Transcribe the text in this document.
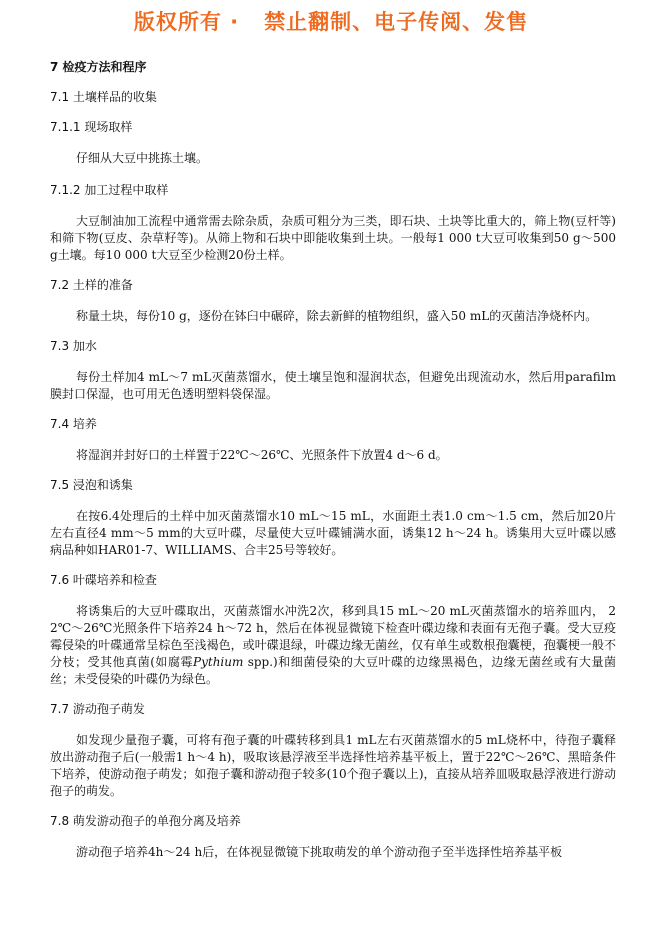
版权所有 ·   禁止翻制、电子传阅、发售

7 检疫方法和程序

7.1 土壤样品的收集

7.1.1 现场取样

仔细从大豆中挑拣土壤。

7.1.2 加工过程中取样

大豆制油加工流程中通常需去除杂质，杂质可粗分为三类，即石块、土块等比重大的，筛上物(豆杆等)和筛下物(豆皮、杂草籽等)。从筛上物和石块中即能收集到土块。一般每1 000 t大豆可收集到50 g～500 g土壤。每10 000 t大豆至少检测20份土样。

7.2 土样的准备

称量土块，每份10 g，逐份在钵臼中碾碎，除去新鲜的植物组织，盛入50 mL的灭菌洁净烧杯内。

7.3 加水

每份土样加4 mL～7 mL灭菌蒸馏水，使土壤呈饱和湿润状态，但避免出现流动水，然后用parafilm膜封口保湿，也可用无色透明塑料袋保湿。

7.4 培养

将湿润并封好口的土样置于22℃～26℃、光照条件下放置4 d～6 d。

7.5 浸泡和诱集

在按6.4处理后的土样中加灭菌蒸馏水10 mL～15 mL，水面距土表1.0 cm～1.5 cm，然后加20片左右直径4 mm～5 mm的大豆叶碟，尽量使大豆叶碟铺满水面，诱集12 h～24 h。诱集用大豆叶碟以感病品种如HAR01-7、WILLIAMS、合丰25号等较好。

7.6 叶碟培养和检查

将诱集后的大豆叶碟取出，灭菌蒸馏水冲洗2次，移到具15 mL～20 mL灭菌蒸馏水的培养皿内， 22℃～26℃光照条件下培养24 h～72 h，然后在体视显微镜下检查叶碟边缘和表面有无孢子囊。受大豆疫霉侵染的叶碟通常呈棕色至浅褐色，或叶碟退绿，叶碟边缘无菌丝，仅有单生或数根孢囊梗，孢囊梗一般不分枝；受其他真菌(如腐霉Pythium spp.)和细菌侵染的大豆叶碟的边缘黑褐色，边缘无菌丝或有大量菌丝；未受侵染的叶碟仍为绿色。

7.7 游动孢子萌发

如发现少量孢子囊，可将有孢子囊的叶碟转移到具1 mL左右灭菌蒸馏水的5 mL烧杯中，待孢子囊释放出游动孢子后(一般需1 h～4 h)，吸取该悬浮液至半选择性培养基平板上，置于22℃～26℃、黑暗条件下培养，使游动孢子萌发；如孢子囊和游动孢子较多(10个孢子囊以上)，直接从培养皿吸取悬浮液进行游动孢子的萌发。

7.8 萌发游动孢子的单孢分离及培养

游动孢子培养4h～24 h后，在体视显微镜下挑取萌发的单个游动孢子至半选择性培养基平板
